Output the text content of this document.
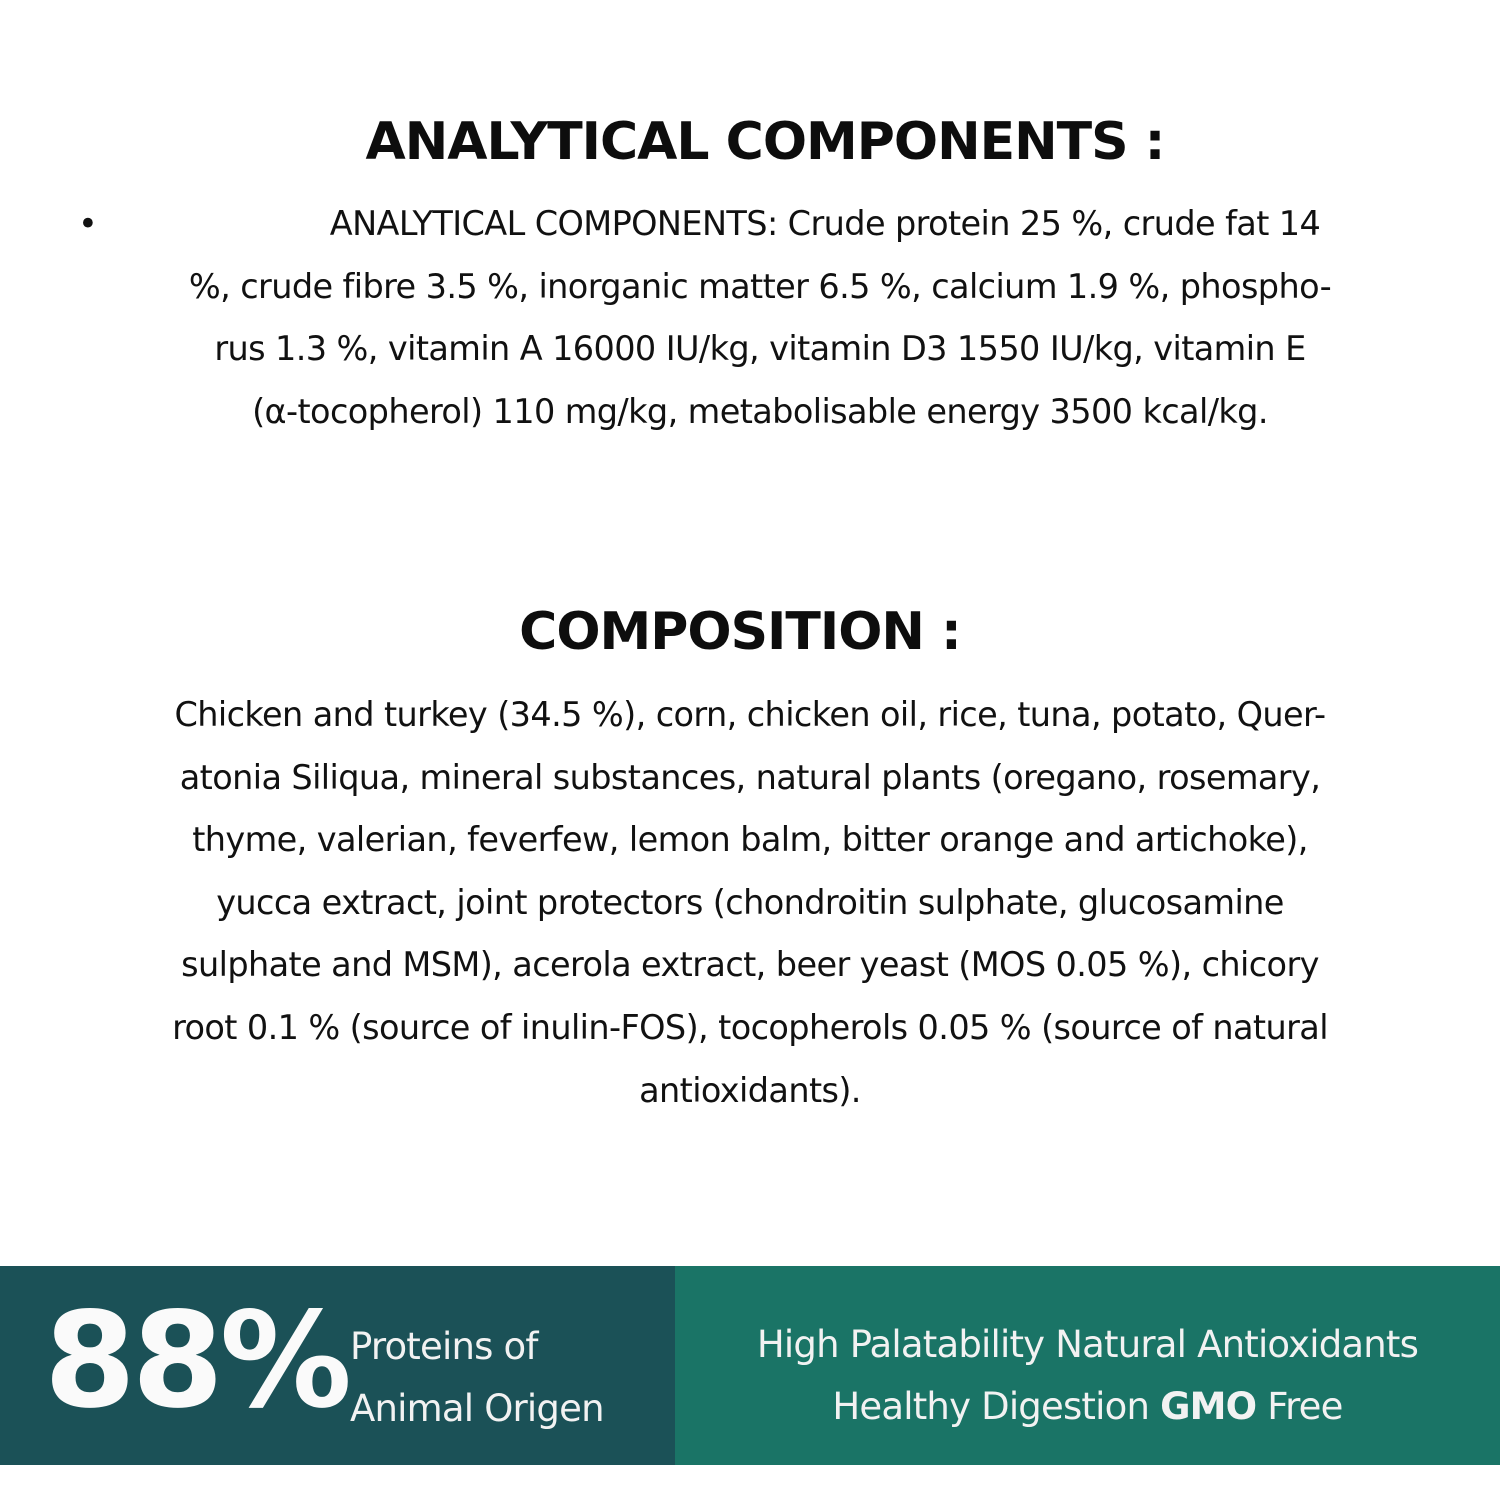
ANALYTICAL COMPONENTS :
•	ANALYTICAL COMPONENTS: Crude protein 25 %, crude fat 14
%, crude fibre 3.5 %, inorganic matter 6.5 %, calcium 1.9 %, phospho-
rus 1.3 %, vitamin A 16000 IU/kg, vitamin D3 1550 IU/kg, vitamin E
(α-tocopherol) 110 mg/kg, metabolisable energy 3500 kcal/kg.
COMPOSITION :
Chicken and turkey (34.5 %), corn, chicken oil, rice, tuna, potato, Quer-
atonia Siliqua, mineral substances, natural plants (oregano, rosemary,
thyme, valerian, feverfew, lemon balm, bitter orange and artichoke),
yucca extract, joint protectors (chondroitin sulphate, glucosamine
sulphate and MSM), acerola extract, beer yeast (MOS 0.05 %), chicory
root 0.1 % (source of inulin-FOS), tocopherols 0.05 % (source of natural
antioxidants).
88% Proteins of
Animal Origen
High Palatability Natural Antioxidants
Healthy Digestion GMO Free
